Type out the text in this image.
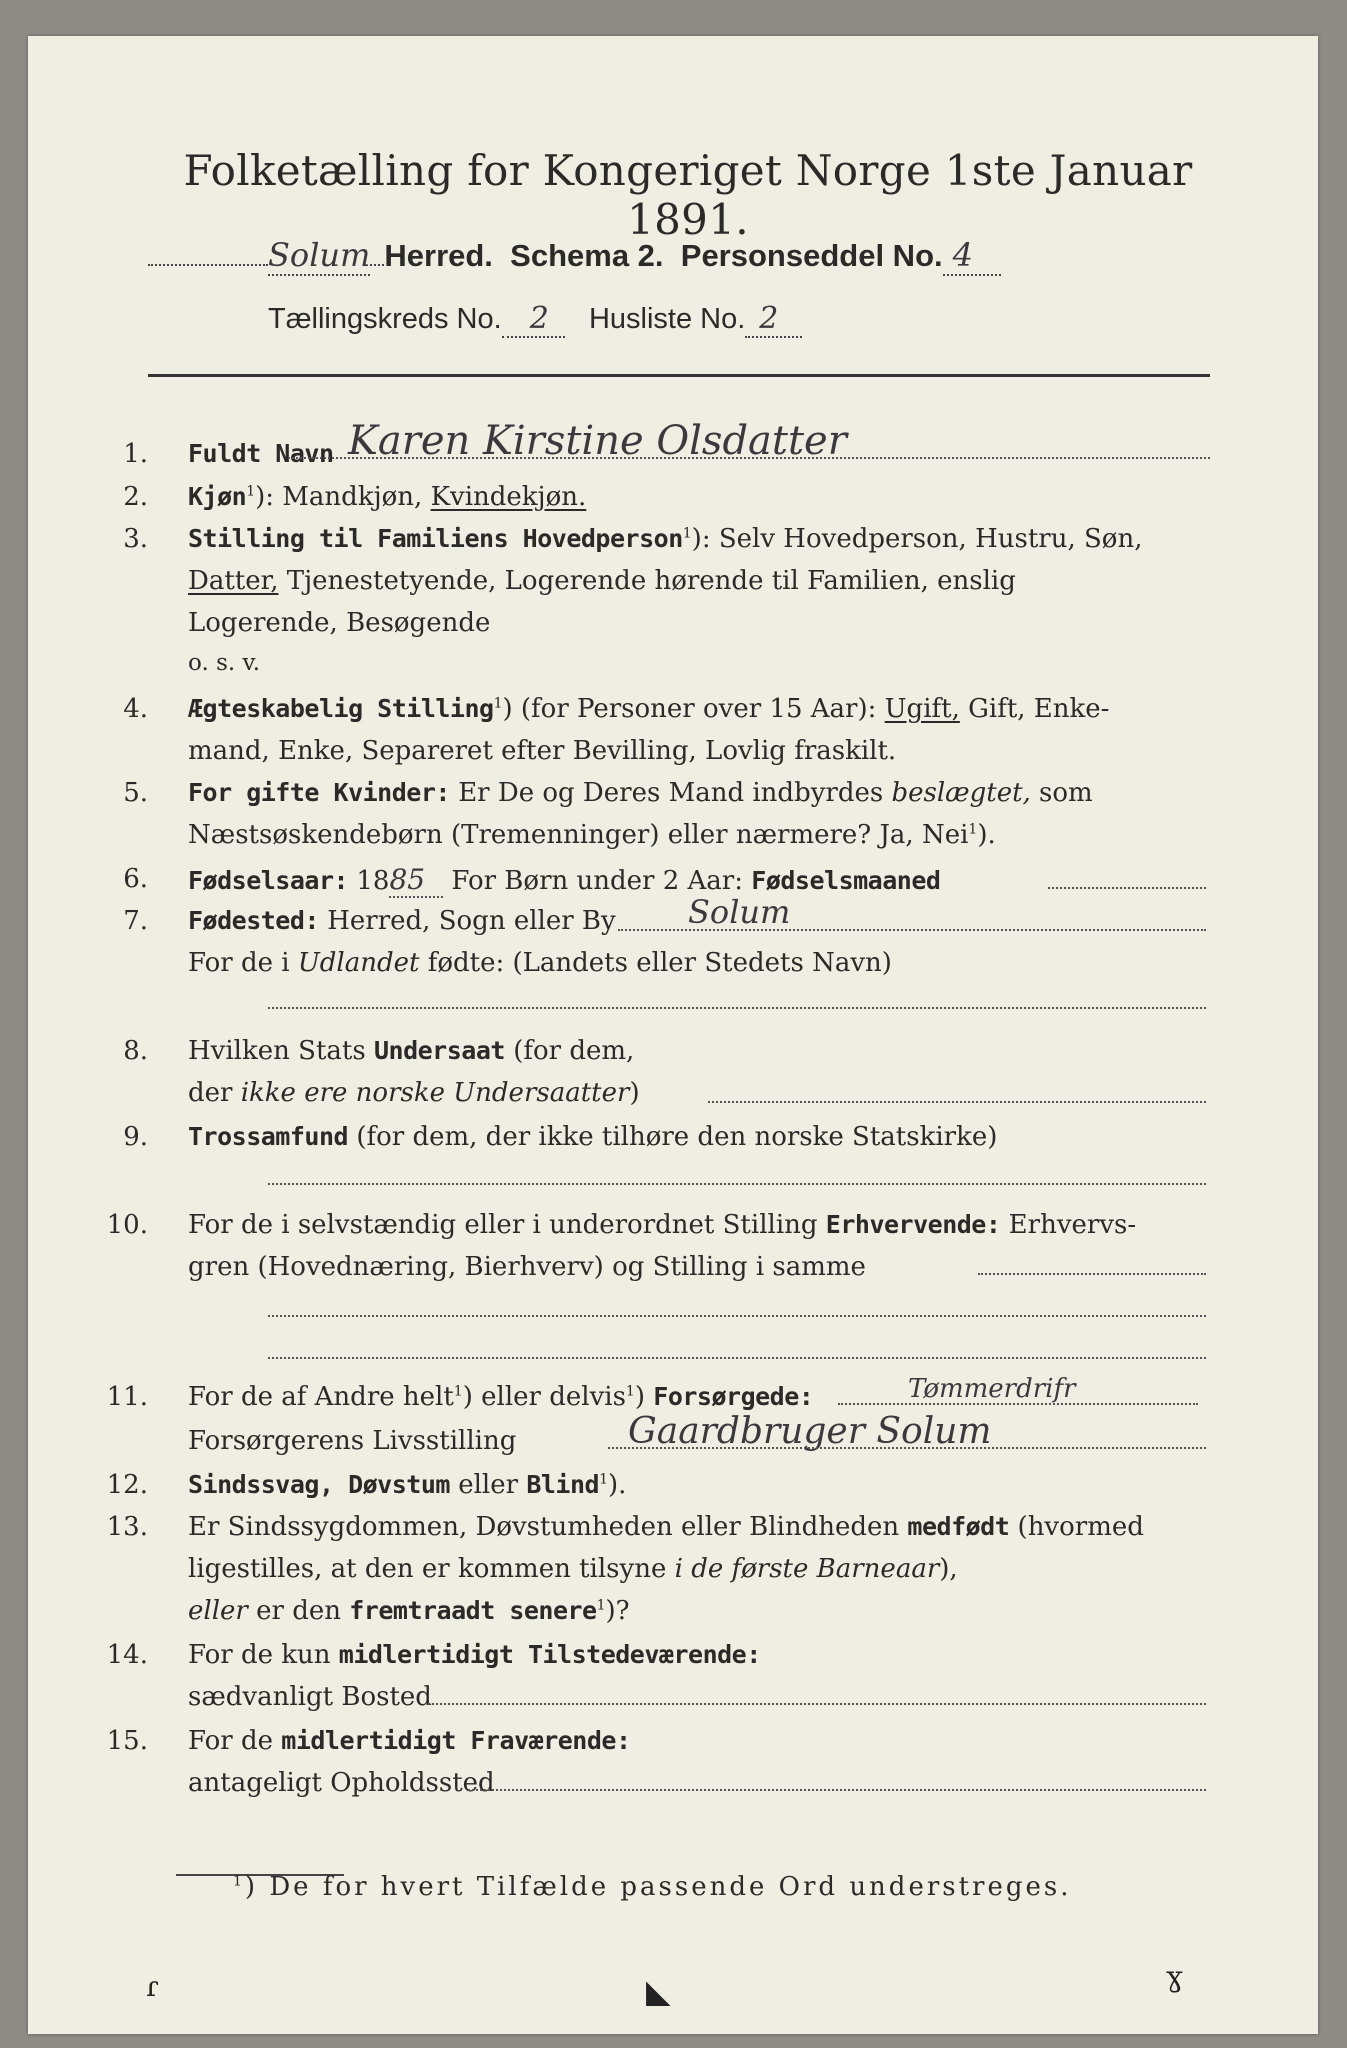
Folketælling for Kongeriget Norge 1ste Januar 1891.
Solum Herred. Schema 2. Personseddel No. 4
Tællingskreds No. 2 Husliste No. 2
1. Fuldt Navn Karen Kirstine Olsdatter
2. Kjøn$^1$): Mandkjøn, Kvindekjøn.
3. Stilling til Familiens Hovedperson$^1$): Selv Hovedperson, Hustru, Søn,
Datter, Tjenestetyende, Logerende hørende til Familien, enslig
Logerende, Besøgende
o. s. v.
4. Ægteskabelig Stilling$^1$) (for Personer over 15 Aar): Ugift, Gift, Enke-
mand, Enke, Separeret efter Bevilling, Lovlig fraskilt.
5. For gifte Kvinder: Er De og Deres Mand indbyrdes beslægtet, som
Næstsøskendebørn (Tremenninger) eller nærmere? Ja, Nei$^1$).
6. Fødselsaar: 1885 For Børn under 2 Aar: Fødselsmaaned
7. Fødested: Herred, Sogn eller By Solum
For de i Udlandet fødte: (Landets eller Stedets Navn)
8. Hvilken Stats Undersaat (for dem,
der ikke ere norske Undersaatter)
9. Trossamfund (for dem, der ikke tilhøre den norske Statskirke)
10. For de i selvstændig eller i underordnet Stilling Erhvervende: Erhvervs-
gren (Hovednæring, Bierhverv) og Stilling i samme
11. For de af Andre helt$^1$) eller delvis$^1$) Forsørgede:	Tømmerdrifr
Forsørgerens Livsstilling	Gaardbruger Solum
12. Sindssvag, Døvstum eller Blind$^1$).
13. Er Sindssygdommen, Døvstumheden eller Blindheden medfødt (hvormed
ligestilles, at den er kommen tilsyne i de første Barneaar),
eller er den fremtraadt senere$^1$)?
14. For de kun midlertidigt Tilstedeværende:
sædvanligt Bosted
15. For de midlertidigt Fraværende:
antageligt Opholdssted
$^1$) De for hvert Tilfælde passende Ord understreges.
ɾ	◣	ɣ
